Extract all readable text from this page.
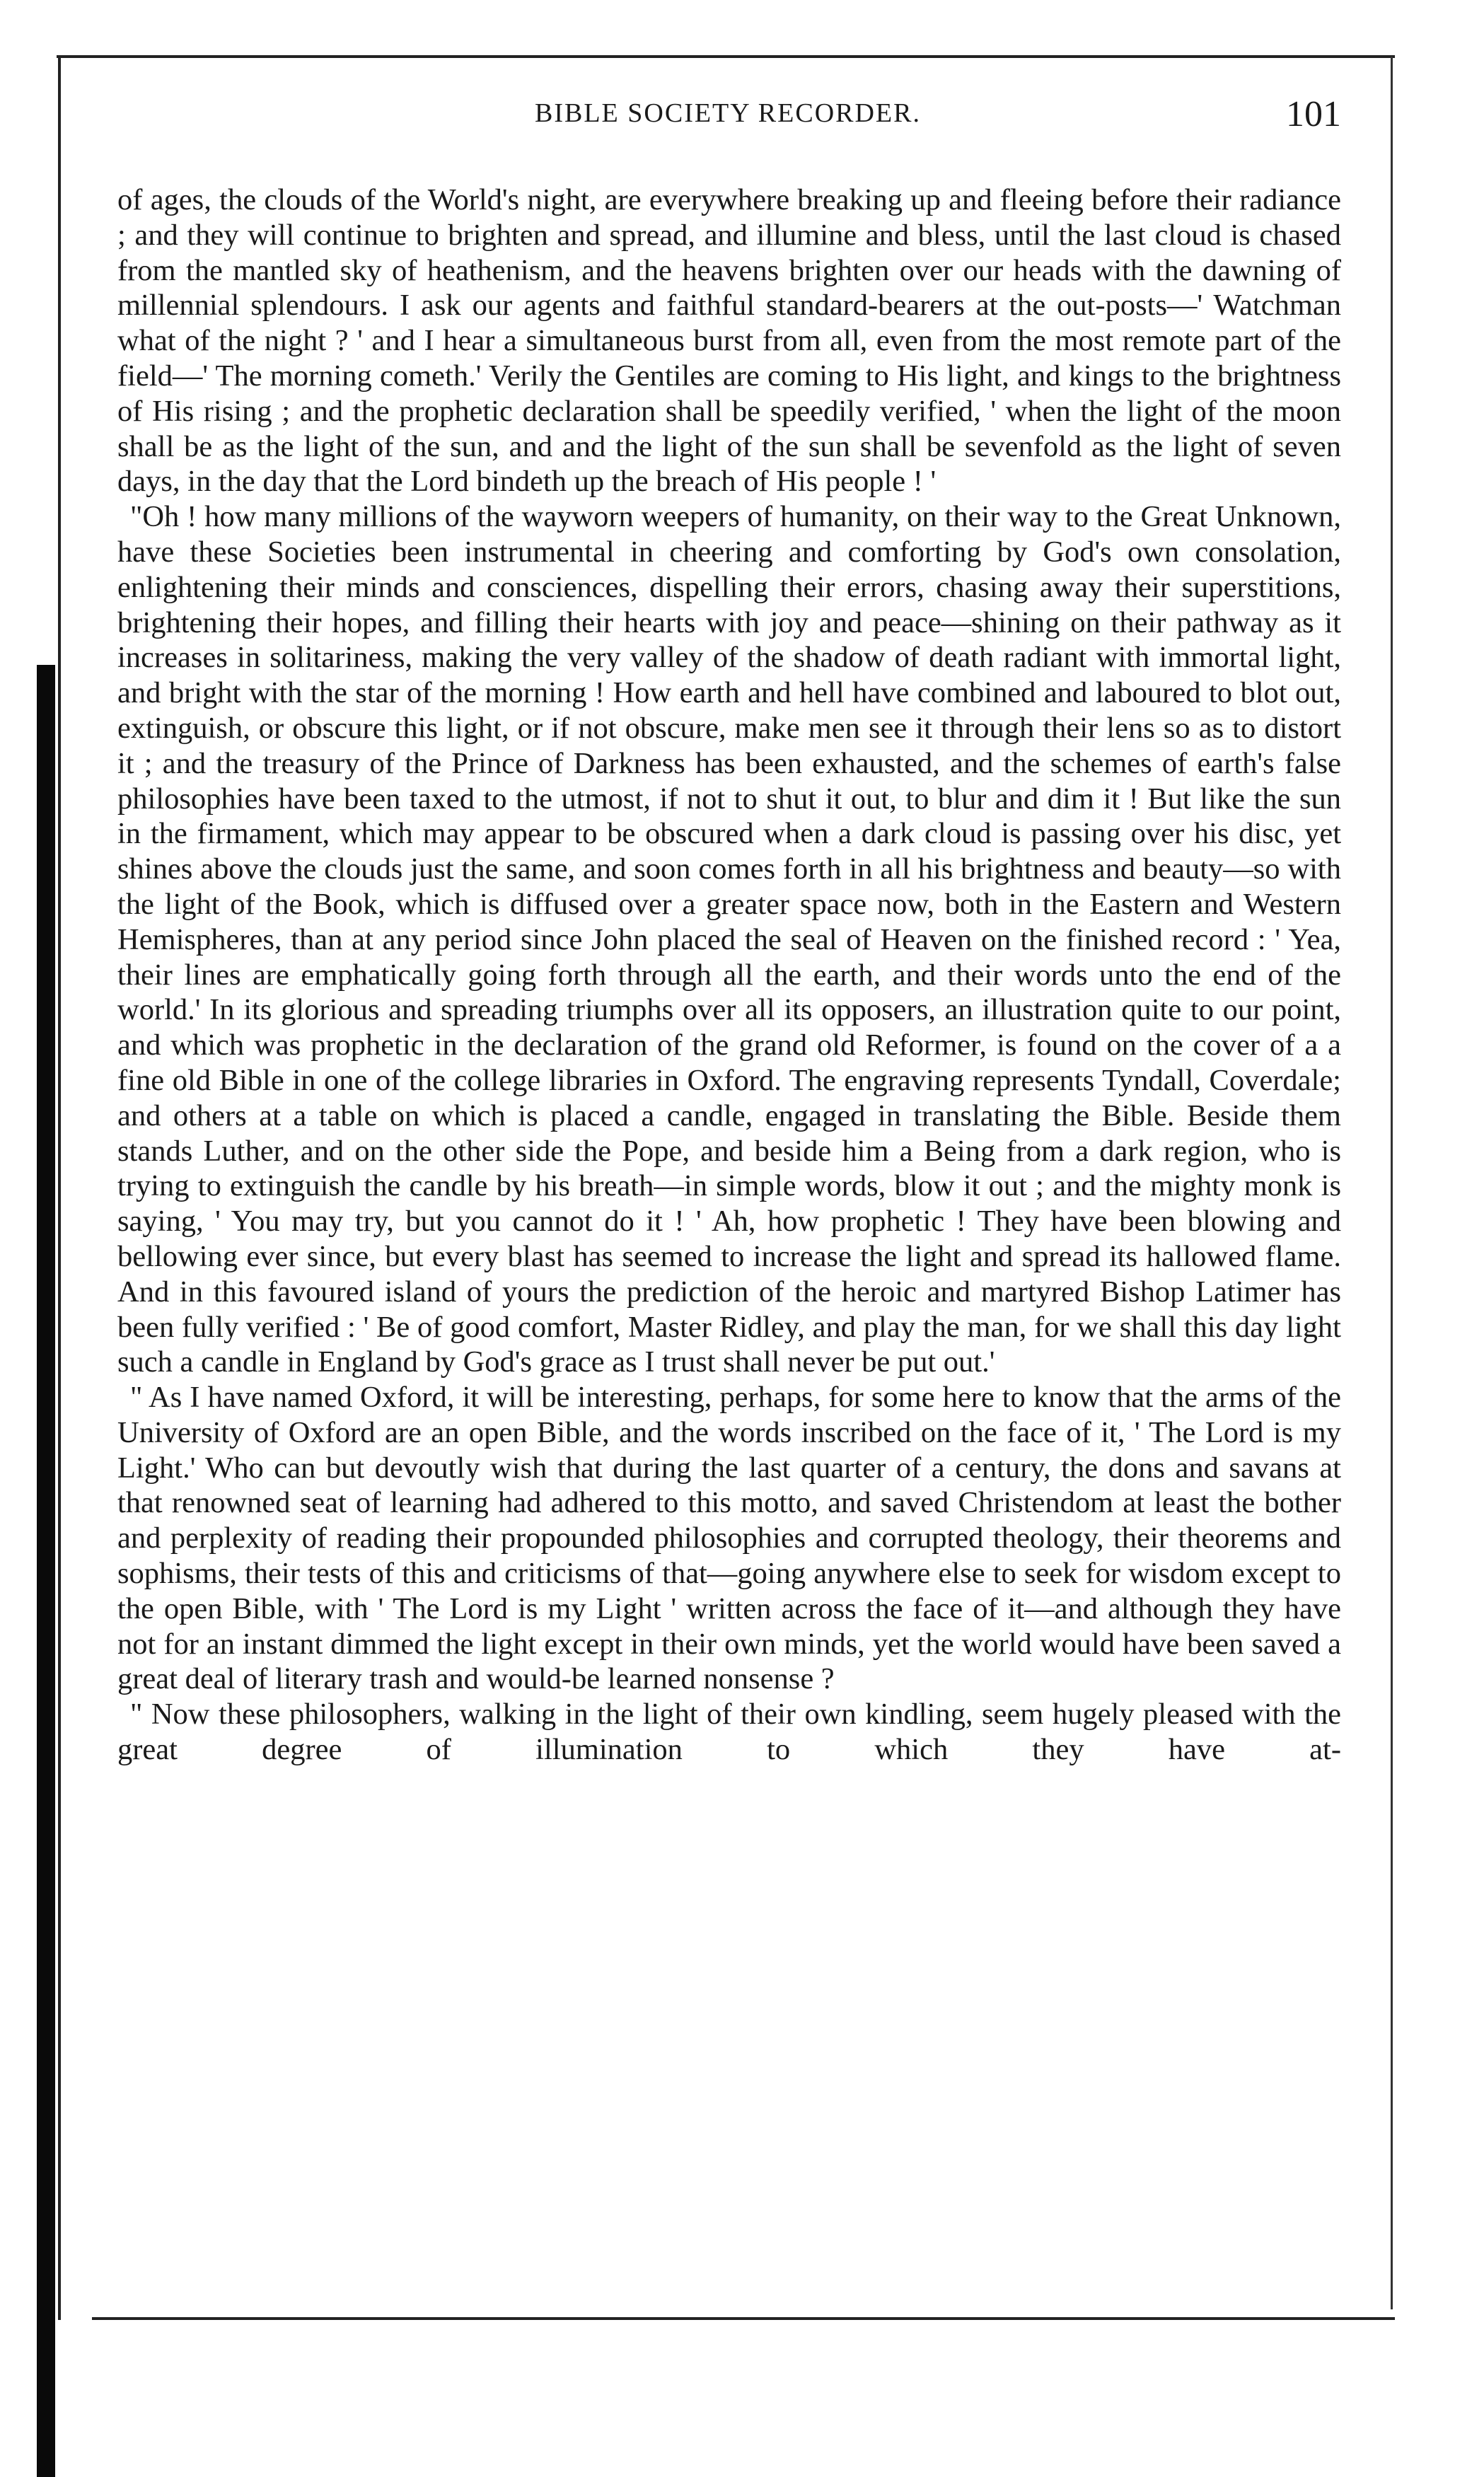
BIBLE SOCIETY RECORDER.	101

of ages, the clouds of the World's night, are everywhere breaking up and fleeing before their radiance ; and they will continue to brighten and spread, and illumine and bless, until the last cloud is chased from the mantled sky of heathenism, and the heavens brighten over our heads with the dawning of millennial splendours. I ask our agents and faithful standard-bearers at the out-posts—' Watchman what of the night ? ' and I hear a simultaneous burst from all, even from the most remote part of the field—' The morning cometh.' Verily the Gentiles are coming to His light, and kings to the brightness of His rising ; and the prophetic declaration shall be speedily verified, ' when the light of the moon shall be as the light of the sun, and and the light of the sun shall be sevenfold as the light of seven days, in the day that the Lord bindeth up the breach of His people ! '

"Oh ! how many millions of the wayworn weepers of humanity, on their way to the Great Unknown, have these Societies been instrumental in cheering and comforting by God's own consolation, enlightening their minds and consciences, dispelling their errors, chasing away their superstitions, brightening their hopes, and filling their hearts with joy and peace—shining on their pathway as it increases in solitariness, making the very valley of the shadow of death radiant with immortal light, and bright with the star of the morning ! How earth and hell have combined and laboured to blot out, extinguish, or obscure this light, or if not obscure, make men see it through their lens so as to distort it ; and the treasury of the Prince of Darkness has been exhausted, and the schemes of earth's false philosophies have been taxed to the utmost, if not to shut it out, to blur and dim it ! But like the sun in the firmament, which may appear to be obscured when a dark cloud is passing over his disc, yet shines above the clouds just the same, and soon comes forth in all his brightness and beauty—so with the light of the Book, which is diffused over a greater space now, both in the Eastern and Western Hemispheres, than at any period since John placed the seal of Heaven on the finished record : ' Yea, their lines are emphatically going forth through all the earth, and their words unto the end of the world.' In its glorious and spreading triumphs over all its opposers, an illustration quite to our point, and which was prophetic in the declaration of the grand old Reformer, is found on the cover of a a fine old Bible in one of the college libraries in Oxford. The engraving represents Tyndall, Coverdale; and others at a table on which is placed a candle, engaged in translating the Bible. Beside them stands Luther, and on the other side the Pope, and beside him a Being from a dark region, who is trying to extinguish the candle by his breath—in simple words, blow it out ; and the mighty monk is saying, ' You may try, but you cannot do it ! ' Ah, how prophetic ! They have been blowing and bellowing ever since, but every blast has seemed to increase the light and spread its hallowed flame. And in this favoured island of yours the prediction of the heroic and martyred Bishop Latimer has been fully verified : ' Be of good comfort, Master Ridley, and play the man, for we shall this day light such a candle in England by God's grace as I trust shall never be put out.'

" As I have named Oxford, it will be interesting, perhaps, for some here to know that the arms of the University of Oxford are an open Bible, and the words inscribed on the face of it, ' The Lord is my Light.' Who can but devoutly wish that during the last quarter of a century, the dons and savans at that renowned seat of learning had adhered to this motto, and saved Christendom at least the bother and perplexity of reading their propounded philosophies and corrupted theology, their theorems and sophisms, their tests of this and criticisms of that—going anywhere else to seek for wisdom except to the open Bible, with ' The Lord is my Light ' written across the face of it—and although they have not for an instant dimmed the light except in their own minds, yet the world would have been saved a great deal of literary trash and would-be learned nonsense ?

" Now these philosophers, walking in the light of their own kindling, seem hugely pleased with the great degree of illumination to which they have at-
